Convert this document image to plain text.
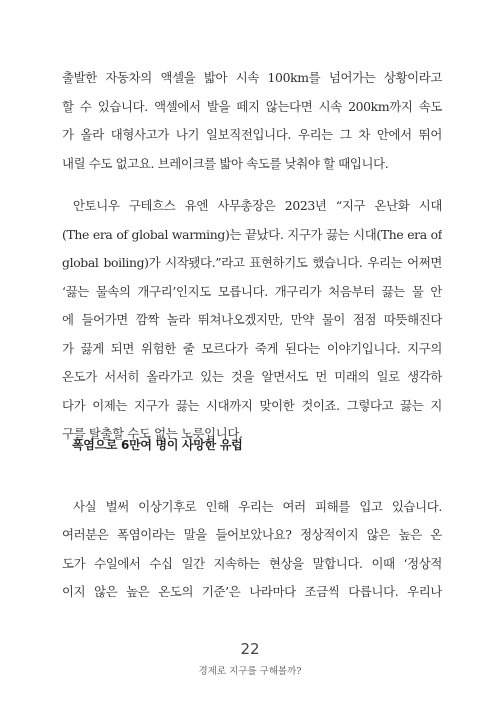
출발한 자동차의 액셀을 밟아 시속 100km를 넘어가는 상황이라고
할 수 있습니다. 액셀에서 발을 떼지 않는다면 시속 200km까지 속도
가 올라 대형사고가 나기 일보직전입니다. 우리는 그 차 안에서 뛰어
내릴 수도 없고요. 브레이크를 밟아 속도를 낮춰야 할 때입니다.
안토니우 구테흐스 유엔 사무총장은 2023년 “지구 온난화 시대
(The era of global warming)는 끝났다. 지구가 끓는 시대(The era of
global boiling)가 시작됐다.”라고 표현하기도 했습니다. 우리는 어쩌면
‘끓는 물속의 개구리’인지도 모릅니다. 개구리가 처음부터 끓는 물 안
에 들어가면 깜짝 놀라 뛰쳐나오겠지만, 만약 물이 점점 따뜻해진다
가 끓게 되면 위험한 줄 모르다가 죽게 된다는 이야기입니다. 지구의
온도가 서서히 올라가고 있는 것을 알면서도 먼 미래의 일로 생각하
다가 이제는 지구가 끓는 시대까지 맞이한 것이죠. 그렇다고 끓는 지
구를 탈출할 수도 없는 노릇입니다.
폭염으로 6만여 명이 사망한 유럽
사실 벌써 이상기후로 인해 우리는 여러 피해를 입고 있습니다.
여러분은 폭염이라는 말을 들어보았나요? 정상적이지 않은 높은 온
도가 수일에서 수십 일간 지속하는 현상을 말합니다. 이때 ‘정상적
이지 않은 높은 온도의 기준’은 나라마다 조금씩 다릅니다. 우리나
22
경제로 지구를 구해볼까?
